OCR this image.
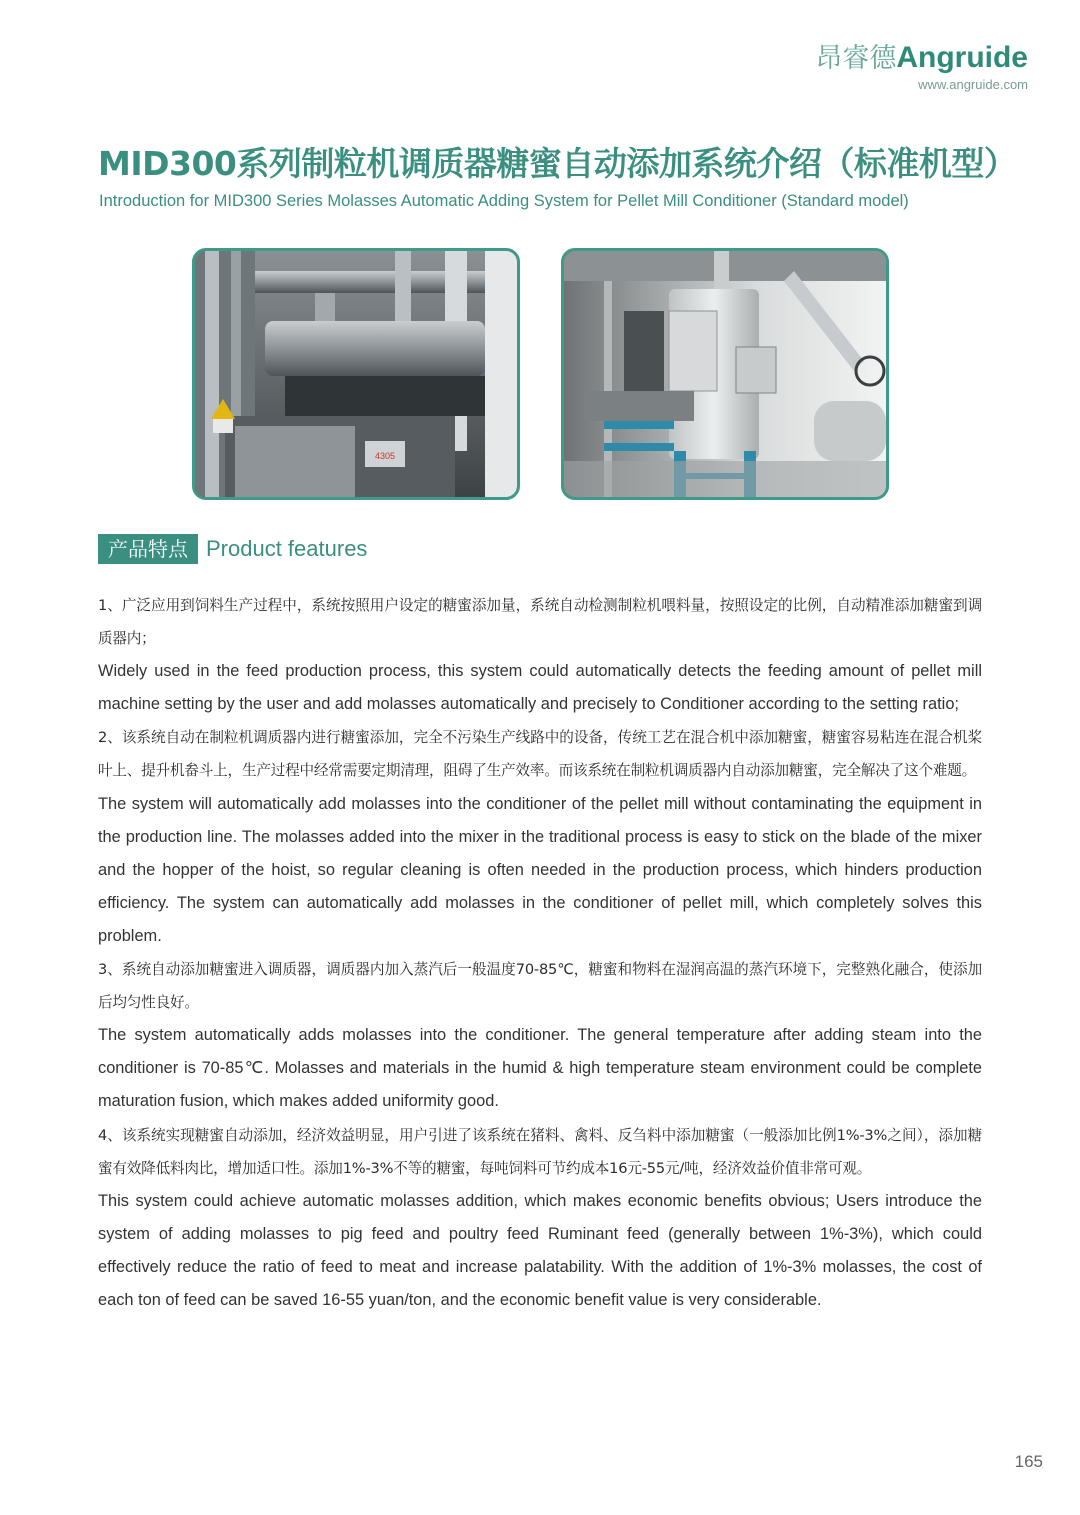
昂睿德Angruide
www.angruide.com
MID300系列制粒机调质器糖蜜自动添加系统介绍（标准机型）
Introduction for MID300 Series Molasses Automatic Adding System for Pellet Mill Conditioner (Standard model)
4305
产品特点 Product features

1、广泛应用到饲料生产过程中，系统按照用户设定的糖蜜添加量，系统自动检测制粒机喂料量，按照设定的比例，自动精准添加糖蜜到调质器内；

Widely used in the feed production process, this system could automatically detects the feeding amount of pellet mill machine setting by the user and add molasses automatically and precisely to Conditioner according to the setting ratio;

2、该系统自动在制粒机调质器内进行糖蜜添加，完全不污染生产线路中的设备，传统工艺在混合机中添加糖蜜，糖蜜容易粘连在混合机桨叶上、提升机畚斗上，生产过程中经常需要定期清理，阻碍了生产效率。而该系统在制粒机调质器内自动添加糖蜜，完全解决了这个难题。

The system will automatically add molasses into the conditioner of the pellet mill without contaminating the equipment in the production line. The molasses added into the mixer in the traditional process is easy to stick on the blade of the mixer and the hopper of the hoist, so regular cleaning is often needed in the production process, which hinders production efficiency. The system can automatically add molasses in the conditioner of pellet mill, which completely solves this problem.

3、系统自动添加糖蜜进入调质器，调质器内加入蒸汽后一般温度70-85℃，糖蜜和物料在湿润高温的蒸汽环境下，完整熟化融合，使添加后均匀性良好。

The system automatically adds molasses into the conditioner. The general temperature after adding steam into the conditioner is 70-85℃. Molasses and materials in the humid & high temperature steam environment could be complete maturation fusion, which makes added uniformity good.

4、该系统实现糖蜜自动添加，经济效益明显，用户引进了该系统在猪料、禽料、反刍料中添加糖蜜（一般添加比例1%-3%之间），添加糖蜜有效降低料肉比，增加适口性。添加1%-3%不等的糖蜜，每吨饲料可节约成本16元-55元/吨，经济效益价值非常可观。

This system could achieve automatic molasses addition, which makes economic benefits obvious; Users introduce the system of adding molasses to pig feed and poultry feed Ruminant feed (generally between 1%-3%), which could effectively reduce the ratio of feed to meat and increase palatability. With the addition of 1%-3% molasses, the cost of each ton of feed can be saved 16-55 yuan/ton, and the economic benefit value is very considerable.

165
